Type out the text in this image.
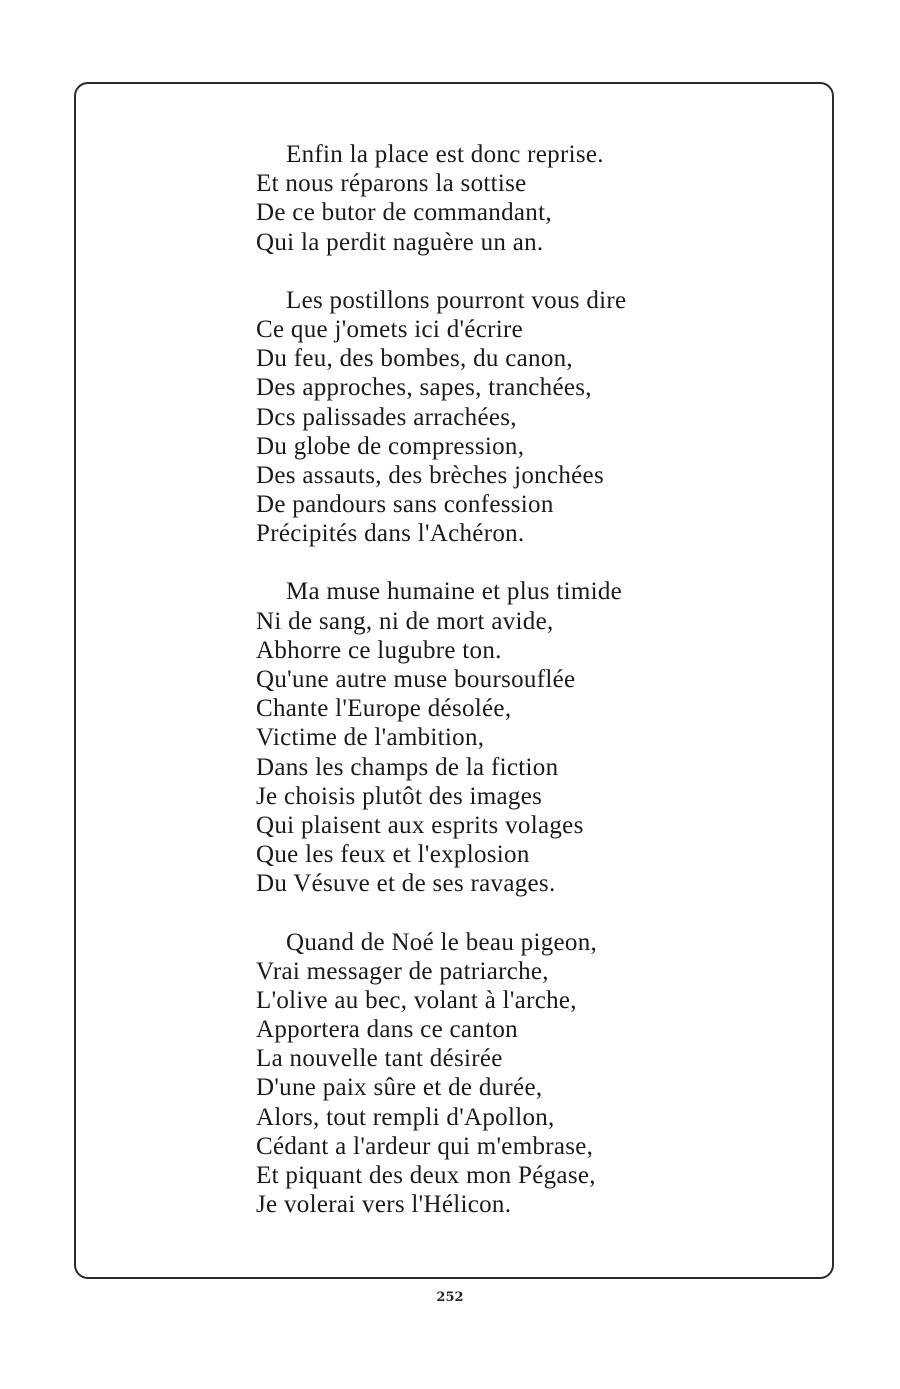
Enfin la place est donc reprise.
Et nous réparons la sottise
De ce butor de commandant,
Qui la perdit naguère un an.
Les postillons pourront vous dire
Ce que j'omets ici d'écrire
Du feu, des bombes, du canon,
Des approches, sapes, tranchées,
Dcs palissades arrachées,
Du globe de compression,
Des assauts, des brèches jonchées
De pandours sans confession
Précipités dans l'Achéron.
Ma muse humaine et plus timide
Ni de sang, ni de mort avide,
Abhorre ce lugubre ton.
Qu'une autre muse boursouflée
Chante l'Europe désolée,
Victime de l'ambition,
Dans les champs de la fiction
Je choisis plutôt des images
Qui plaisent aux esprits volages
Que les feux et l'explosion
Du Vésuve et de ses ravages.
Quand de Noé le beau pigeon,
Vrai messager de patriarche,
L'olive au bec, volant à l'arche,
Apportera dans ce canton
La nouvelle tant désirée
D'une paix sûre et de durée,
Alors, tout rempli d'Apollon,
Cédant a l'ardeur qui m'embrase,
Et piquant des deux mon Pégase,
Je volerai vers l'Hélicon.
252
